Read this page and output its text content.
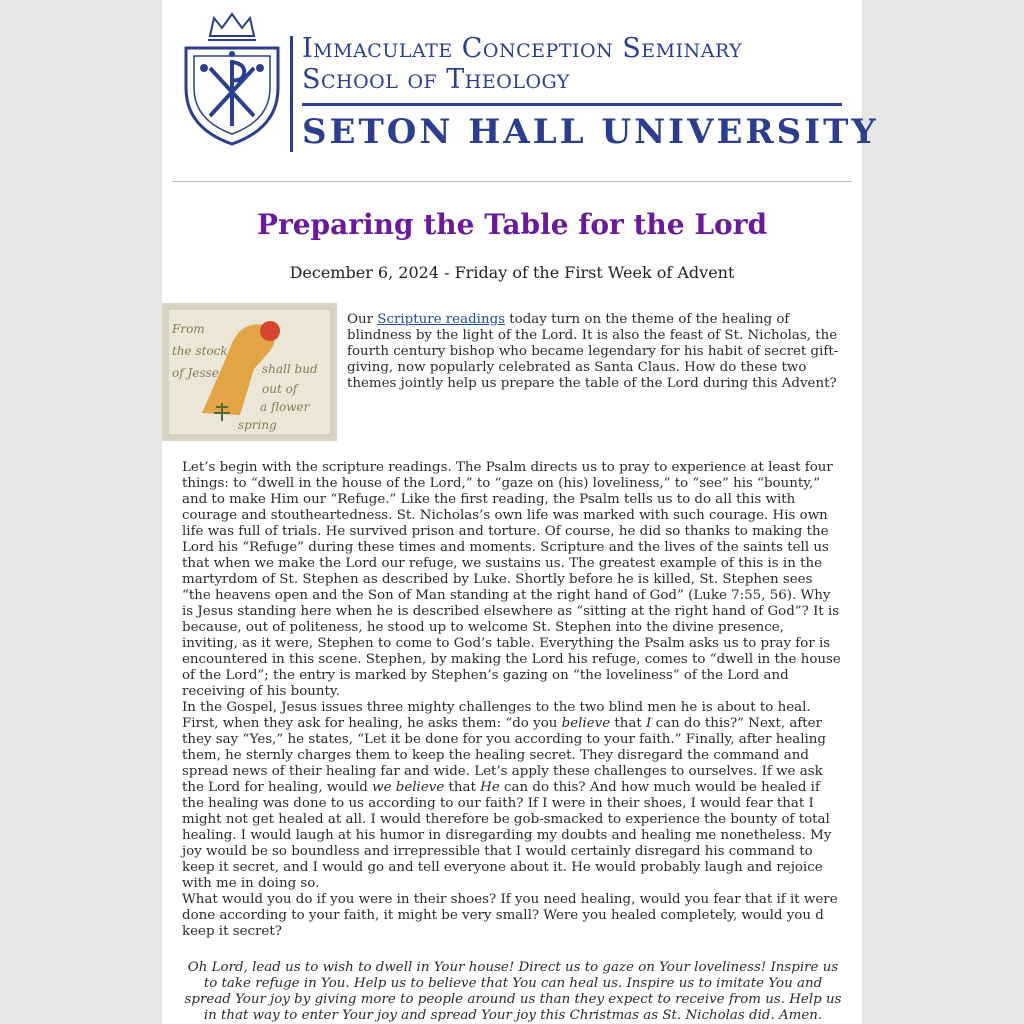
Immaculate Conception Seminary
School of Theology
SETON HALL UNIVERSITY
Preparing the Table for the Lord
December 6, 2024 - Friday of the First Week of Advent
From
the stock
of Jesse	shall bud
out of
a flower
spring

Our Scripture readings today turn on the theme of the healing of blindness by the light of the Lord. It is also the feast of St. Nicholas, the fourth century bishop who became legendary for his habit of secret gift-giving, now popularly celebrated as Santa Claus. How do these two themes jointly help us prepare the table of the Lord during this Advent?

Let’s begin with the scripture readings. The Psalm directs us to pray to experience at least four things: to “dwell in the house of the Lord,” to “gaze on (his) loveliness,” to “see” his “bounty,” and to make Him our “Refuge.” Like the first reading, the Psalm tells us to do all this with courage and stoutheartedness. St. Nicholas’s own life was marked with such courage. His own life was full of trials. He survived prison and torture. Of course, he did so thanks to making the Lord his “Refuge” during these times and moments. Scripture and the lives of the saints tell us that when we make the Lord our refuge, we sustains us. The greatest example of this is in the martyrdom of St. Stephen as described by Luke. Shortly before he is killed, St. Stephen sees “the heavens open and the Son of Man standing at the right hand of God” (Luke 7:55, 56). Why is Jesus standing here when he is described elsewhere as “sitting at the right hand of God”? It is because, out of politeness, he stood up to welcome St. Stephen into the divine presence, inviting, as it were, Stephen to come to God’s table. Everything the Psalm asks us to pray for is encountered in this scene. Stephen, by making the Lord his refuge, comes to “dwell in the house of the Lord”; the entry is marked by Stephen’s gazing on “the loveliness” of the Lord and receiving of his bounty.

In the Gospel, Jesus issues three mighty challenges to the two blind men he is about to heal. First, when they ask for healing, he asks them: “do you believe that I can do this?” Next, after they say “Yes,” he states, “Let it be done for you according to your faith.” Finally, after healing them, he sternly charges them to keep the healing secret. They disregard the command and spread news of their healing far and wide. Let’s apply these challenges to ourselves. If we ask the Lord for healing, would we believe that He can do this? And how much would be healed if the healing was done to us according to our faith? If I were in their shoes, I would fear that I might not get healed at all. I would therefore be gob-smacked to experience the bounty of total healing. I would laugh at his humor in disregarding my doubts and healing me nonetheless. My joy would be so boundless and irrepressible that I would certainly disregard his command to keep it secret, and I would go and tell everyone about it. He would probably laugh and rejoice with me in doing so.

What would you do if you were in their shoes? If you need healing, would you fear that if it were done according to your faith, it might be very small? Were you healed completely, would you d keep it secret?

Oh Lord, lead us to wish to dwell in Your house! Direct us to gaze on Your loveliness! Inspire us to take refuge in You. Help us to believe that You can heal us. Inspire us to imitate You and spread Your joy by giving more to people around us than they expect to receive from us. Help us in that way to enter Your joy and spread Your joy this Christmas as St. Nicholas did. Amen.
